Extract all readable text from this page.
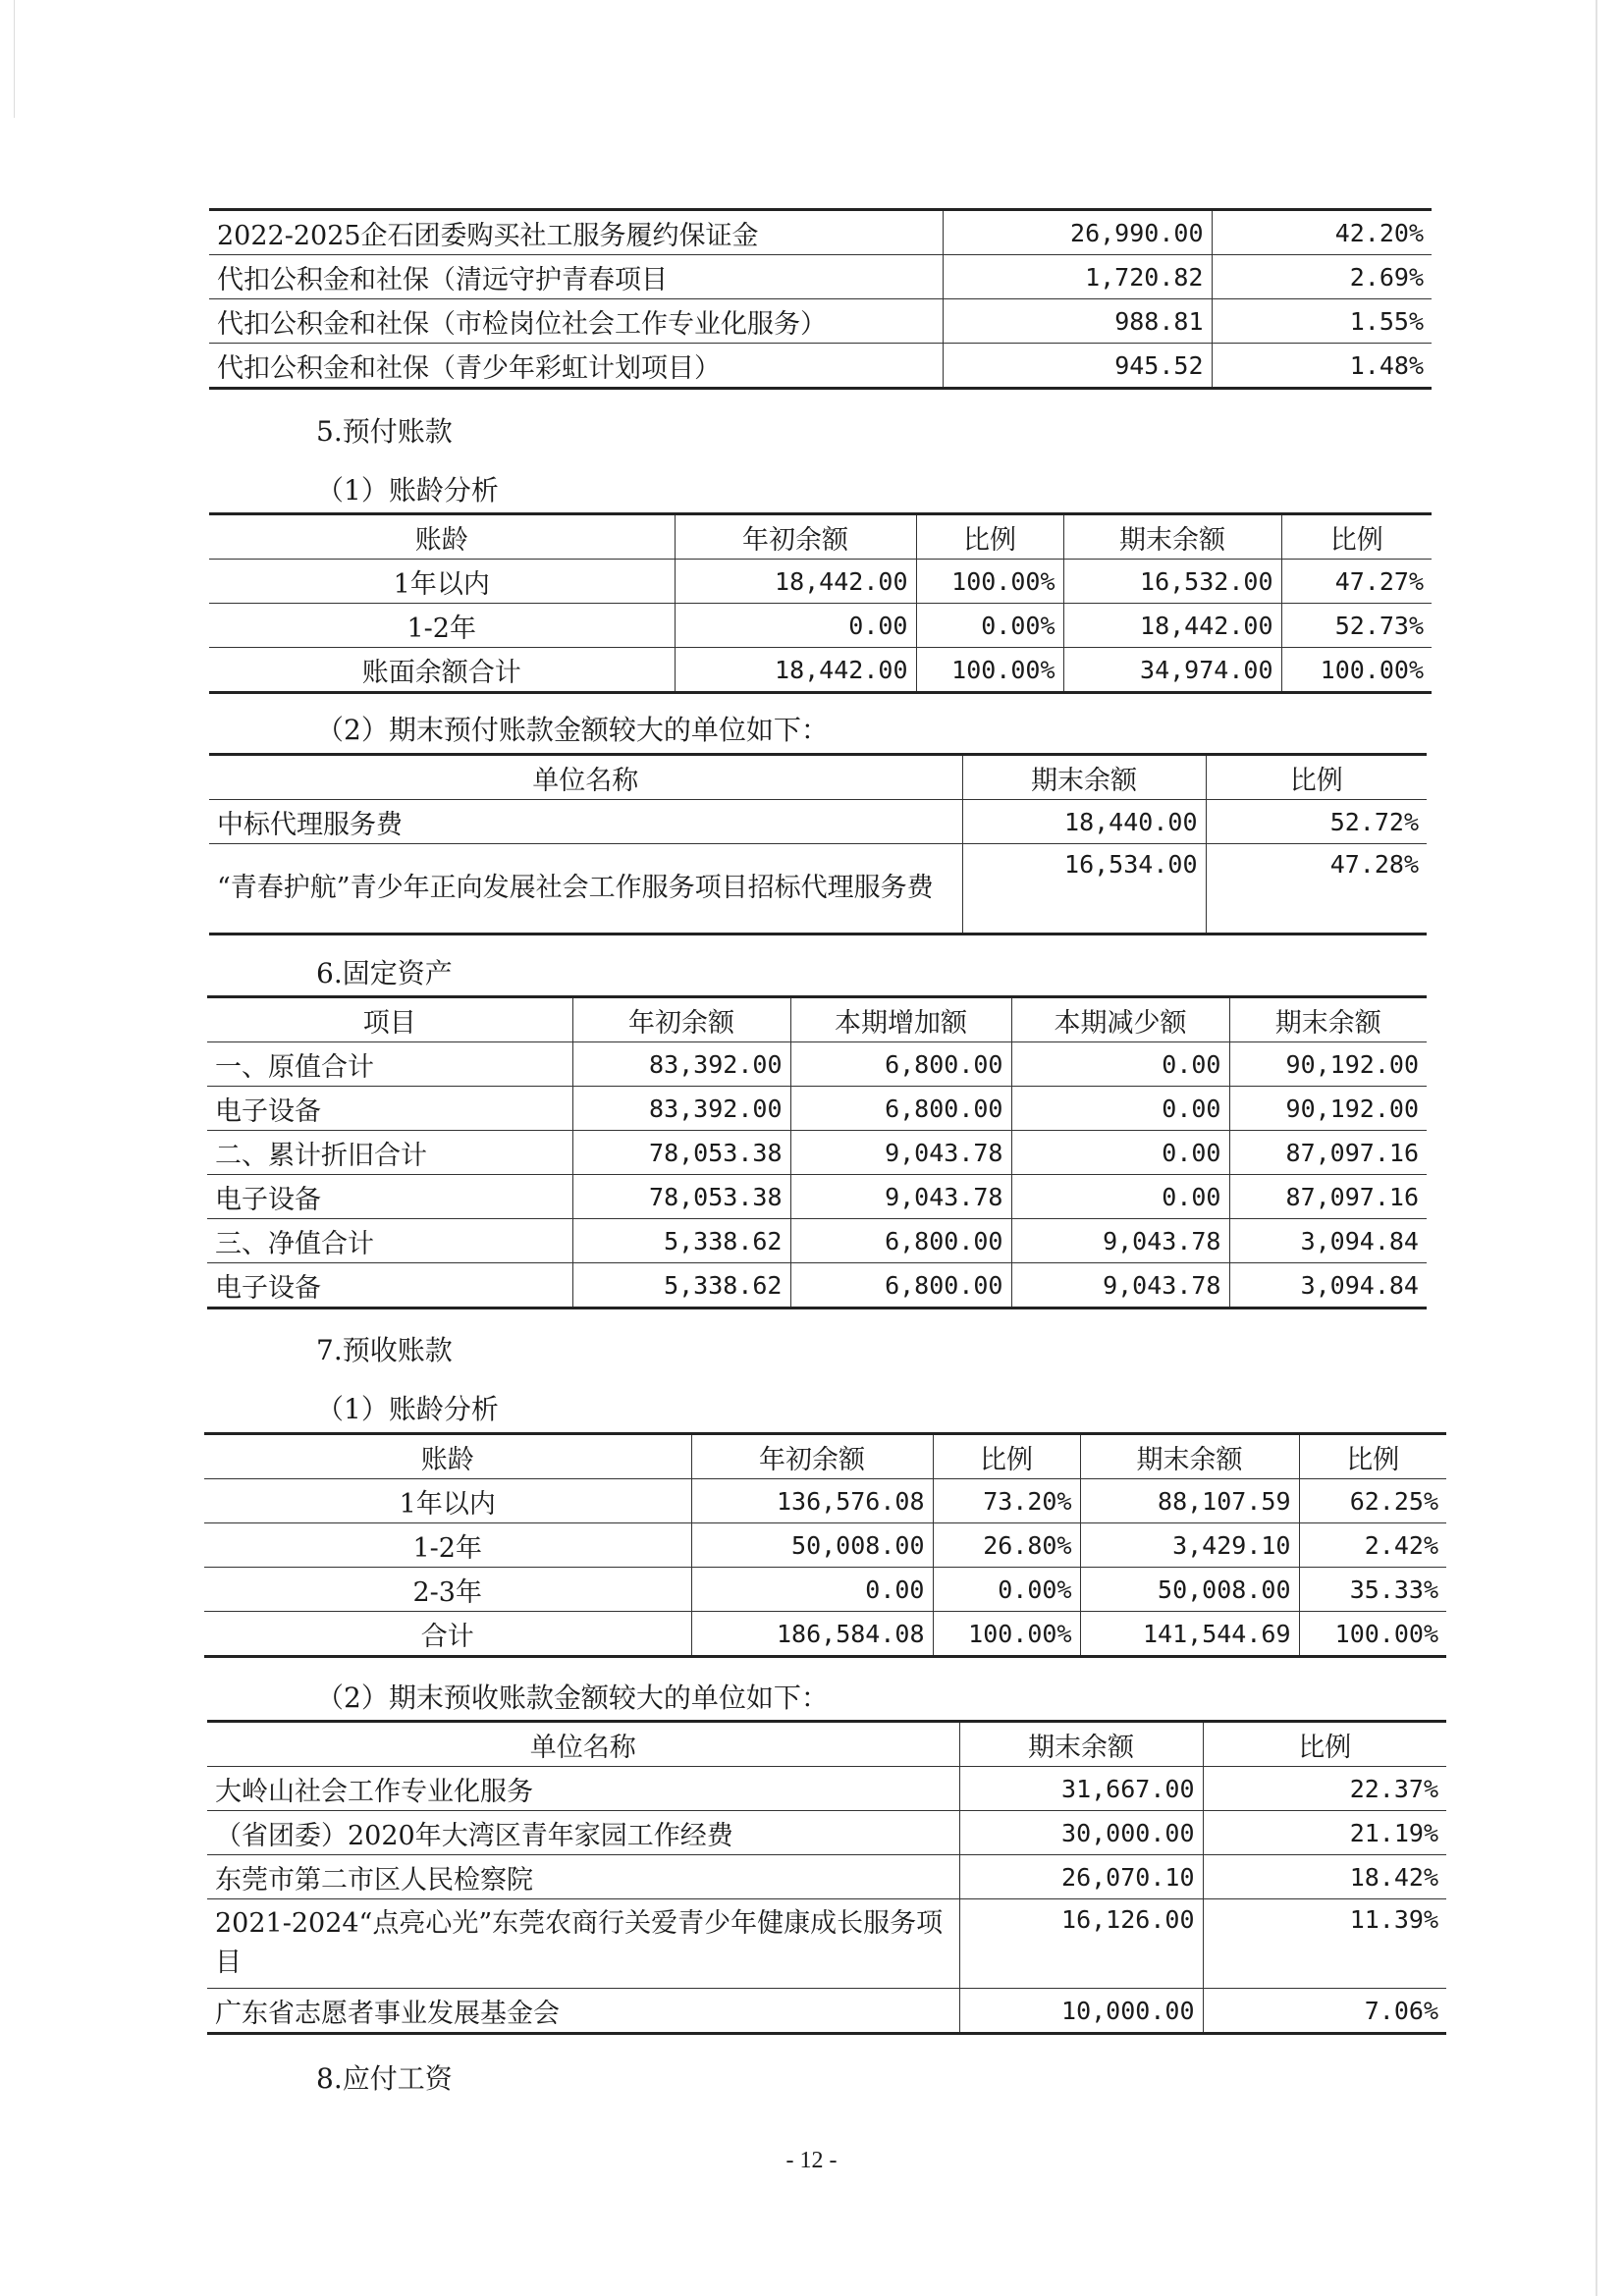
2022-2025企石团委购买社工服务履约保证金	26,990.00	42.20%
代扣公积金和社保（清远守护青春项目	1,720.82	2.69%
代扣公积金和社保（市检岗位社会工作专业化服务）	988.81	1.55%
代扣公积金和社保（青少年彩虹计划项目）	945.52	1.48%
5.预付账款
（1）账龄分析
账龄	年初余额	比例	期末余额	比例
1年以内	18,442.00	100.00%	16,532.00	47.27%
1-2年	0.00	0.00%	18,442.00	52.73%
账面余额合计	18,442.00	100.00%	34,974.00	100.00%
（2）期末预付账款金额较大的单位如下：
单位名称	期末余额	比例
中标代理服务费	18,440.00	52.72%
“青春护航”青少年正向发展社会工作服务项目招标代理服务费	16,534.00	47.28%
6.固定资产
项目	年初余额	本期增加额	本期减少额	期末余额
一、原值合计	83,392.00	6,800.00	0.00	90,192.00
电子设备	83,392.00	6,800.00	0.00	90,192.00
二、累计折旧合计	78,053.38	9,043.78	0.00	87,097.16
电子设备	78,053.38	9,043.78	0.00	87,097.16
三、净值合计	5,338.62	6,800.00	9,043.78	3,094.84
电子设备	5,338.62	6,800.00	9,043.78	3,094.84
7.预收账款
（1）账龄分析
账龄	年初余额	比例	期末余额	比例
1年以内	136,576.08	73.20%	88,107.59	62.25%
1-2年	50,008.00	26.80%	3,429.10	2.42%
2-3年	0.00	0.00%	50,008.00	35.33%
合计	186,584.08	100.00%	141,544.69	100.00%
（2）期末预收账款金额较大的单位如下：
单位名称	期末余额	比例
大岭山社会工作专业化服务	31,667.00	22.37%
（省团委）2020年大湾区青年家园工作经费	30,000.00	21.19%
东莞市第二市区人民检察院	26,070.10	18.42%
2021-2024“点亮心光”东莞农商行关爱青少年健康成长服务项目	16,126.00	11.39%
广东省志愿者事业发展基金会	10,000.00	7.06%
8.应付工资
- 12 -
